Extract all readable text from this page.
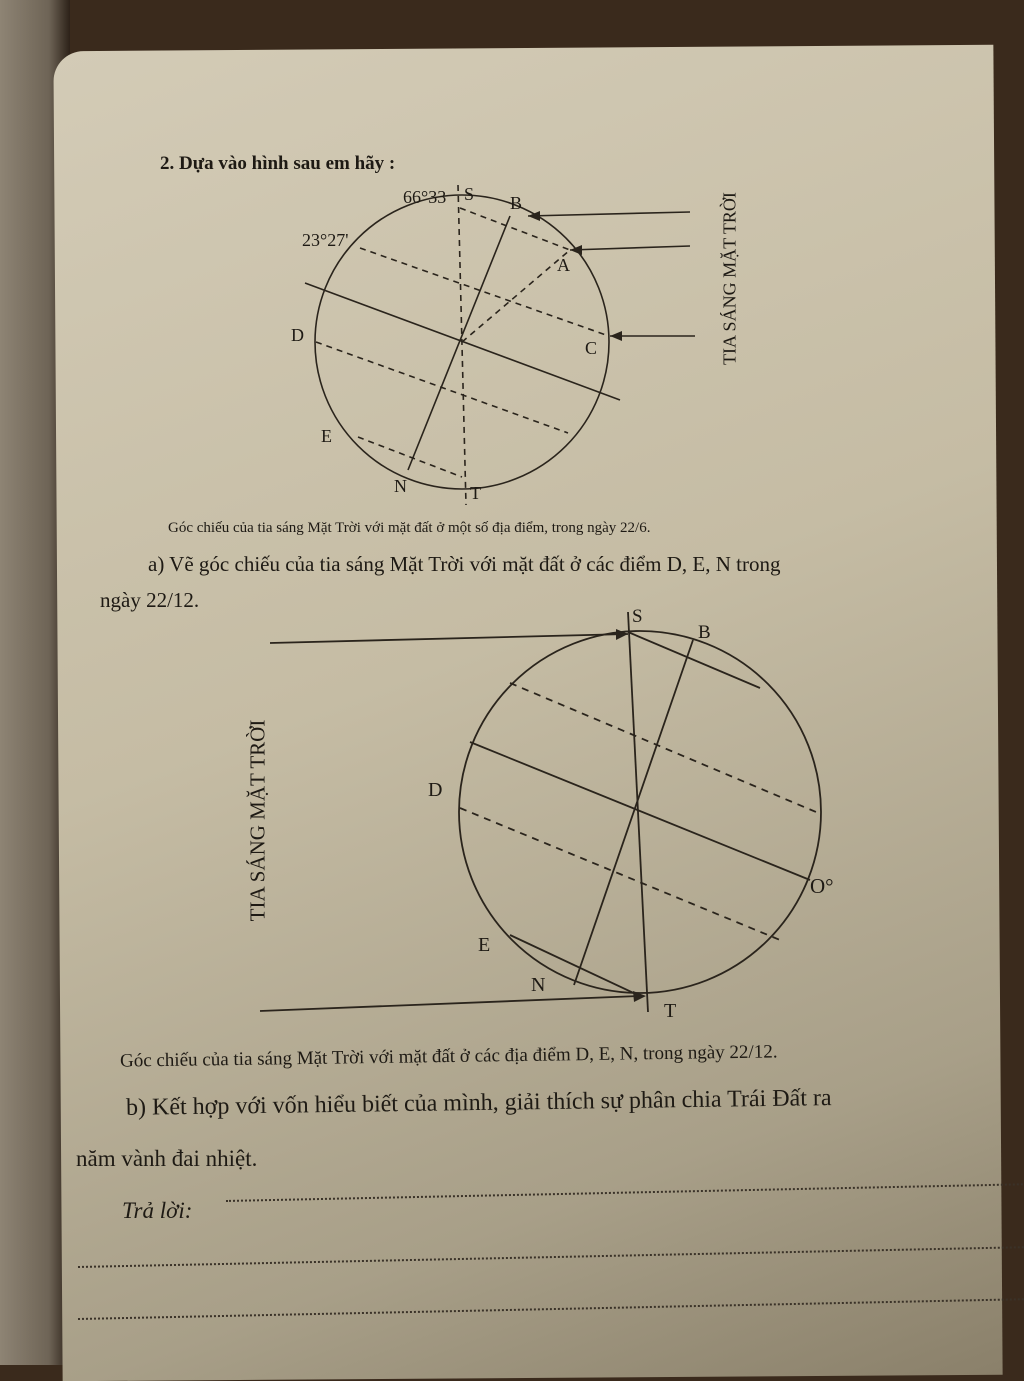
2. Dựa vào hình sau em hãy :
66°33 S B
23°27'
A
D
C
E
N	T
TIA SÁNG MẶT TRỜI
Góc chiếu của tia sáng Mặt Trời với mặt đất ở một số địa điểm, trong ngày 22/6.
a) Vẽ góc chiếu của tia sáng Mặt Trời với mặt đất ở các điểm D, E, N trong
ngày 22/12.
S
B
D
O°
E
N
T
TIA SÁNG MẶT TRỜI
Góc chiếu của tia sáng Mặt Trời với mặt đất ở các địa điểm D, E, N, trong ngày 22/12.
b) Kết hợp với vốn hiểu biết của mình, giải thích sự phân chia Trái Đất ra
năm vành đai nhiệt.
Trả lời:
